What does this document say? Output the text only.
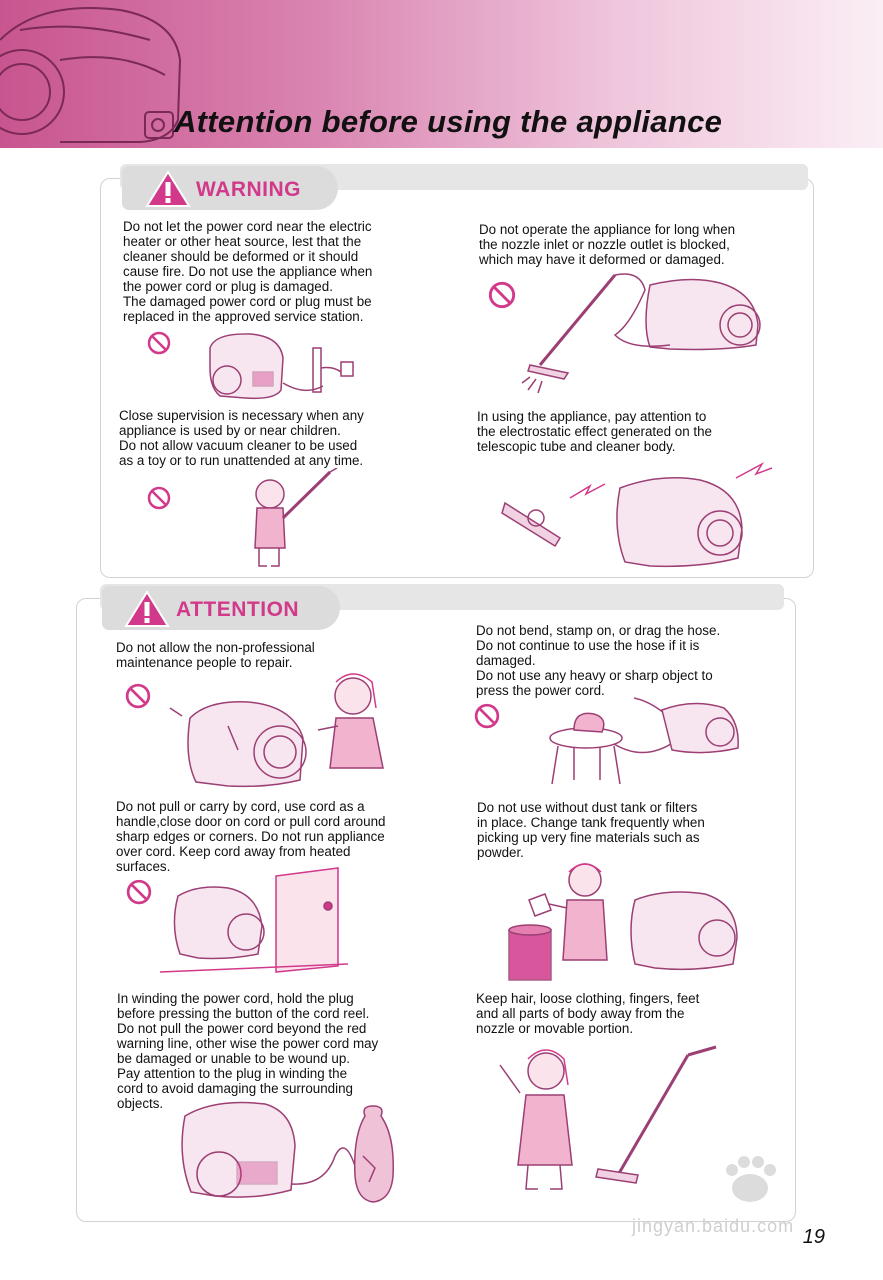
Attention before using the appliance
WARNING
Do not let the power cord near the electric
heater or other heat source, lest that the
cleaner should be deformed or it should
cause fire. Do not use the appliance when
the power cord or plug is damaged.
The damaged power cord or plug must be
replaced in the approved service station.
Do not operate the appliance for long when
the nozzle inlet or nozzle outlet is blocked,
which may have it deformed or damaged.
Close supervision is necessary when any
appliance is used by or near children.
Do not allow vacuum cleaner to be used
as a toy or to run unattended at any time.
In using the appliance, pay attention to
the electrostatic effect generated on the
telescopic tube and cleaner body.
ATTENTION
Do not allow the non-professional
maintenance people to repair.
Do not bend, stamp on, or drag the hose.
Do not continue to use the hose if it is
damaged.
Do not use any heavy or sharp object to
press the power cord.
Do not pull or carry by cord, use cord as a
handle,close door on cord or pull cord around
sharp edges or corners. Do not run appliance
over cord. Keep cord away from heated
surfaces.
Do not use without dust tank or filters
in place. Change tank frequently when
picking up very fine materials such as
powder.
In winding the power cord, hold the plug
before pressing the button of the cord reel.
Do not pull the power cord beyond the red
warning line, other wise the power cord may
be damaged or unable to be wound up.
Pay attention to the plug in winding the
cord to avoid damaging the surrounding
objects.
Keep hair, loose clothing, fingers, feet
and all parts of body away from the
nozzle or movable portion.
jingyan.baidu.com 19
